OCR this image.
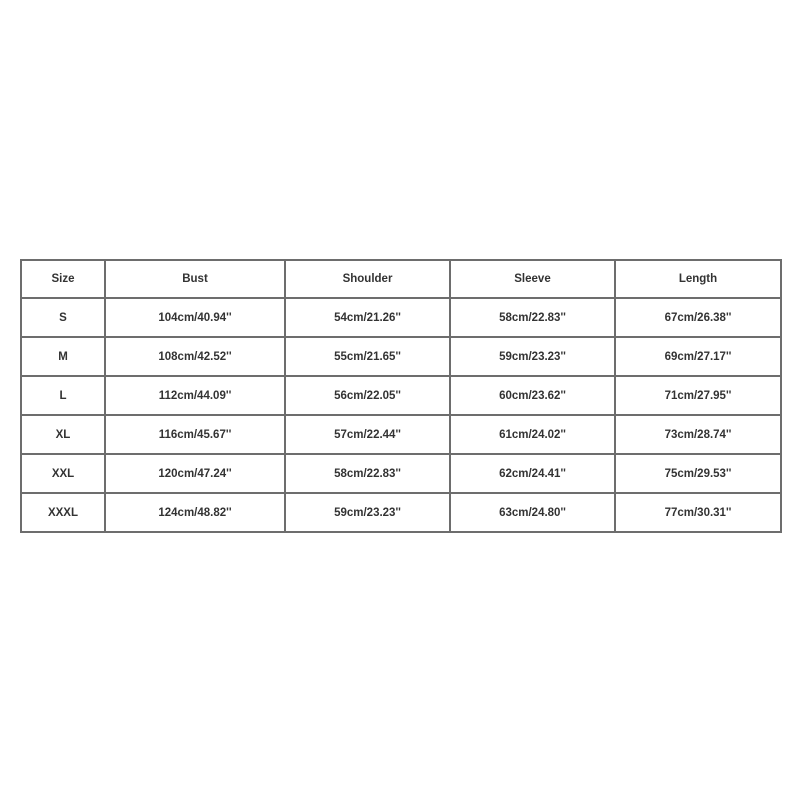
Size	Bust	Shoulder	Sleeve	Length
S	104cm/40.94''	54cm/21.26''	58cm/22.83''	67cm/26.38''
M	108cm/42.52''	55cm/21.65''	59cm/23.23''	69cm/27.17''
L	112cm/44.09''	56cm/22.05''	60cm/23.62''	71cm/27.95''
XL	116cm/45.67''	57cm/22.44''	61cm/24.02''	73cm/28.74''
XXL	120cm/47.24''	58cm/22.83''	62cm/24.41''	75cm/29.53''
XXXL	124cm/48.82''	59cm/23.23''	63cm/24.80''	77cm/30.31''
